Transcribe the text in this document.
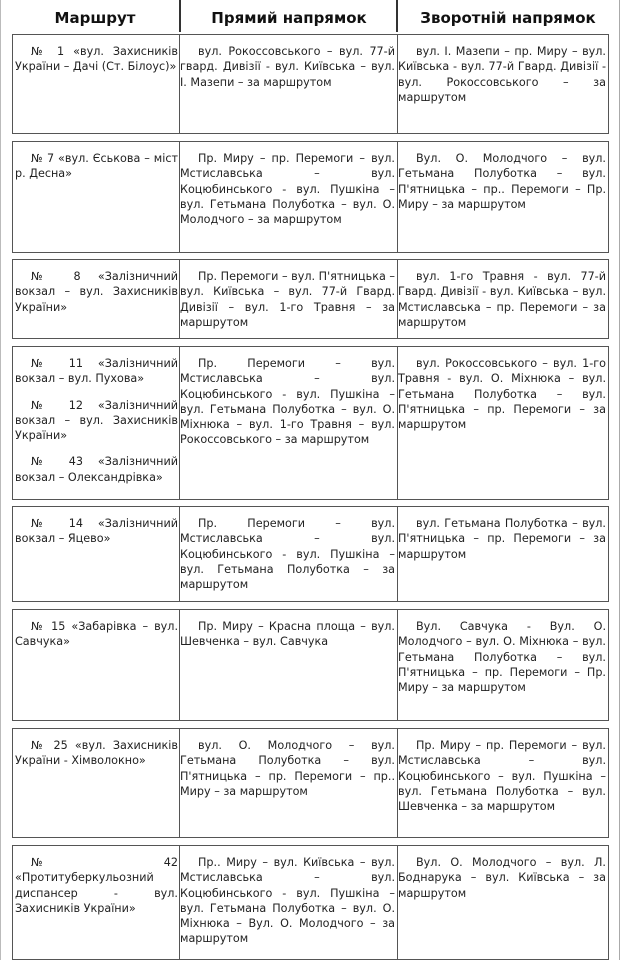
Маршрут	Прямий напрямок	Зворотній напрямок

№ 1 «вул. Захисників України – Дачі (Ст. Білоус)»

вул. Рокоссовського – вул. 77-й гвард. Дивізії - вул. Київська – вул. І. Мазепи – за маршрутом
вул. І. Мазепи – пр. Миру – вул. Київська - вул. 77-й Гвард. Дивізії - вул. Рокоссовського – за маршрутом

№ 7 «вул. Єськова – міст р. Десна»

Пр. Миру – пр. Перемоги – вул. Мстиславська – вул. Коцюбинського - вул. Пушкіна – вул. Гетьмана Полуботка – вул. О. Молодчого – за маршрутом
Вул. О. Молодчого – вул. Гетьмана Полуботка – вул. П'ятницька – пр.. Перемоги – Пр. Миру – за маршрутом

№ 8 «Залізничний вокзал – вул. Захисників України»

Пр. Перемоги – вул. П'ятницька – вул. Київська – вул. 77-й Гвард. Дивізії – вул. 1-го Травня – за маршрутом
вул. 1-го Травня - вул. 77-й Гвард. Дивізії - вул. Київська – вул. Мстиславська – пр. Перемоги – за маршрутом

№ 11 «Залізничний вокзал – вул. Пухова»

№ 12 «Залізничний вокзал – вул. Захисників України»

№ 43 «Залізничний вокзал – Олександрівка»

Пр. Перемоги – вул. Мстиславська – вул. Коцюбинського - вул. Пушкіна – вул. Гетьмана Полуботка – вул. О. Міхнюка – вул. 1-го Травня – вул. Рокоссовського – за маршрутом
вул. Рокоссовського – вул. 1-го Травня - вул. О. Міхнюка – вул. Гетьмана Полуботка – вул. П'ятницька – пр. Перемоги – за маршрутом

№ 14 «Залізничний вокзал – Яцево»

Пр. Перемоги – вул. Мстиславська – вул. Коцюбинського - вул. Пушкіна – вул. Гетьмана Полуботка – за маршрутом
вул. Гетьмана Полуботка – вул. П'ятницька – пр. Перемоги – за маршрутом

№ 15 «Забарівка – вул. Савчука»

Пр. Миру – Красна площа – вул. Шевченка – вул. Савчука
Вул. Савчука - Вул. О. Молодчого – вул. О. Міхнюка – вул. Гетьмана Полуботка – вул. П'ятницька – пр. Перемоги – Пр. Миру – за маршрутом

№ 25 «вул. Захисників України - Хімволокно»

вул. О. Молодчого – вул. Гетьмана Полуботка – вул. П'ятницька – пр. Перемоги – пр.. Миру – за маршрутом
Пр. Миру – пр. Перемоги – вул. Мстиславська – вул. Коцюбинського – вул. Пушкіна – вул. Гетьмана Полуботка – вул. Шевченка – за маршрутом

№ 42 «Протитуберкульозний диспансер - вул. Захисників України»

Пр.. Миру – вул. Київська – вул. Мстиславська – вул. Коцюбинського - вул. Пушкіна – вул. Гетьмана Полуботка – вул. О. Міхнюка – Вул. О. Молодчого – за маршрутом
Вул. О. Молодчого – вул. Л. Боднарука – вул. Київська – за маршрутом
